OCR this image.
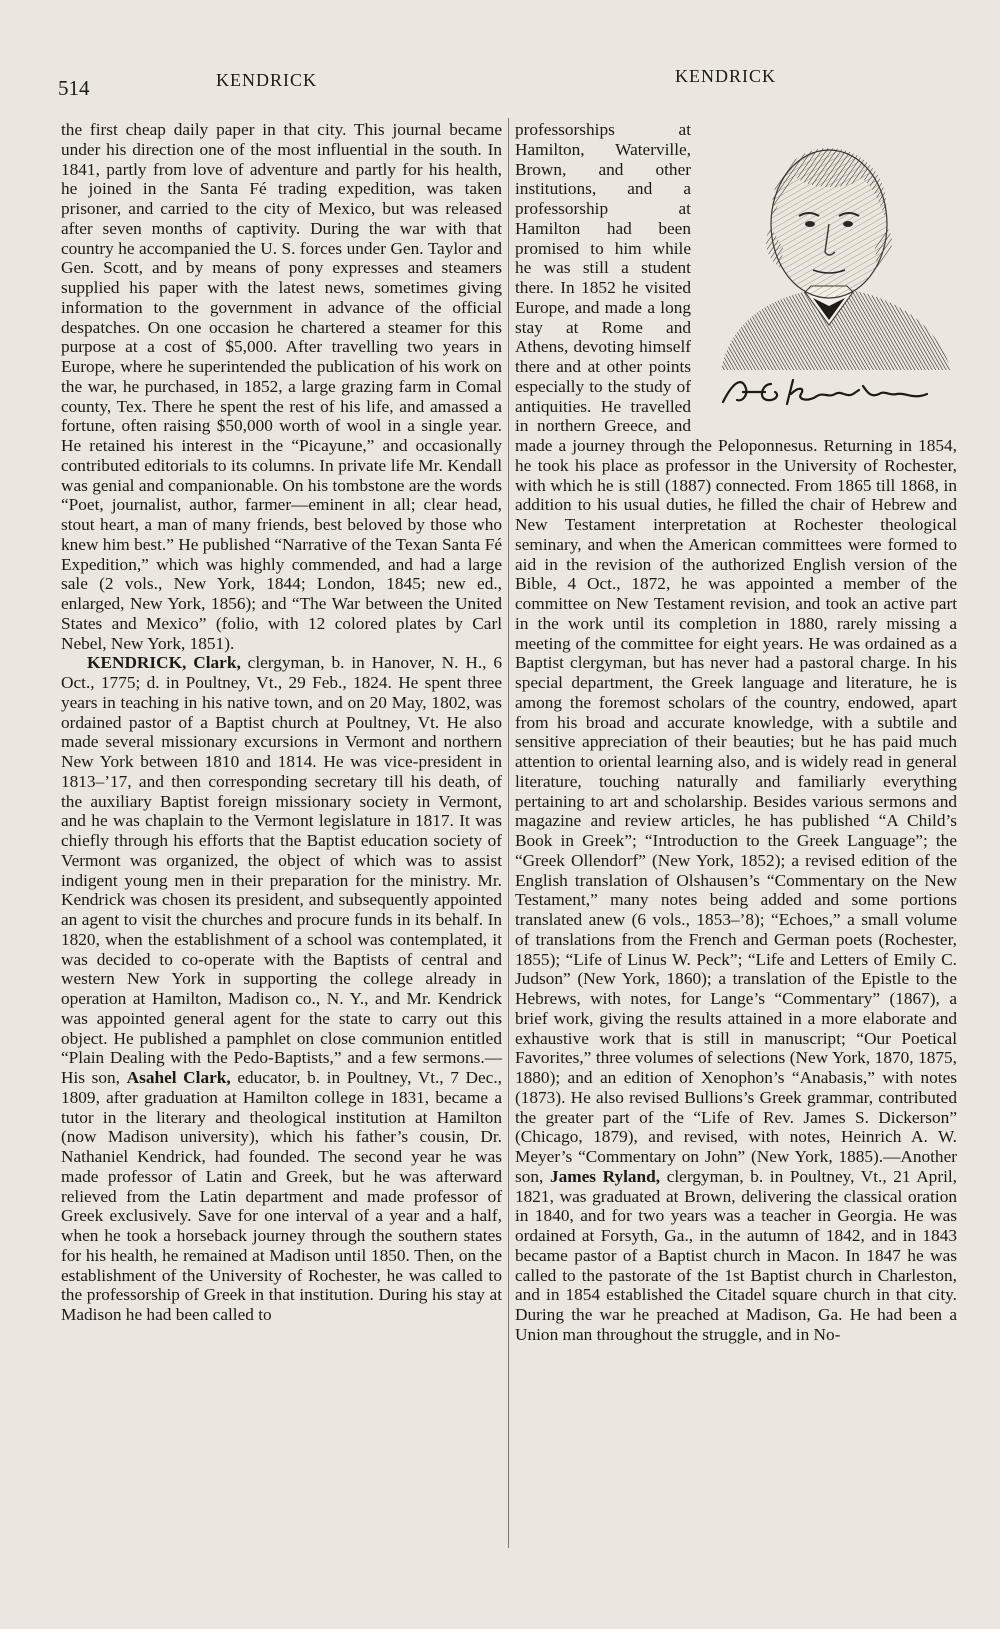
514	KENDRICK	KENDRICK

the first cheap daily paper in that city. This journal became under his direction one of the most influential in the south. In 1841, partly from love of adventure and partly for his health, he joined in the Santa Fé trading expedition, was taken prisoner, and carried to the city of Mexico, but was released after seven months of captivity. During the war with that country he accompanied the U. S. forces under Gen. Taylor and Gen. Scott, and by means of pony expresses and steamers supplied his paper with the latest news, sometimes giving information to the government in advance of the official despatches. On one occasion he chartered a steamer for this purpose at a cost of $5,000. After travelling two years in Europe, where he superintended the publication of his work on the war, he purchased, in 1852, a large grazing farm in Comal county, Tex. There he spent the rest of his life, and amassed a fortune, often raising $50,000 worth of wool in a single year. He retained his interest in the “Picayune,” and occasionally contributed editorials to its columns. In private life Mr. Kendall was genial and companionable. On his tombstone are the words “Poet, journalist, author, farmer—eminent in all; clear head, stout heart, a man of many friends, best beloved by those who knew him best.” He published “Narrative of the Texan Santa Fé Expedition,” which was highly commended, and had a large sale (2 vols., New York, 1844; London, 1845; new ed., enlarged, New York, 1856); and “The War between the United States and Mexico” (folio, with 12 colored plates by Carl Nebel, New York, 1851).

KENDRICK, Clark, clergyman, b. in Hanover, N. H., 6 Oct., 1775; d. in Poultney, Vt., 29 Feb., 1824. He spent three years in teaching in his native town, and on 20 May, 1802, was ordained pastor of a Baptist church at Poultney, Vt. He also made several missionary excursions in Vermont and northern New York between 1810 and 1814. He was vice-president in 1813–’17, and then corresponding secretary till his death, of the auxiliary Baptist foreign missionary society in Vermont, and he was chaplain to the Vermont legislature in 1817. It was chiefly through his efforts that the Baptist education society of Vermont was organized, the object of which was to assist indigent young men in their preparation for the ministry. Mr. Kendrick was chosen its president, and subsequently appointed an agent to visit the churches and procure funds in its behalf. In 1820, when the establishment of a school was contemplated, it was decided to co-operate with the Baptists of central and western New York in supporting the college already in operation at Hamilton, Madison co., N. Y., and Mr. Kendrick was appointed general agent for the state to carry out this object. He published a pamphlet on close communion entitled “Plain Dealing with the Pedo-Baptists,” and a few sermons.—His son, Asahel Clark, educator, b. in Poultney, Vt., 7 Dec., 1809, after graduation at Hamilton college in 1831, became a tutor in the literary and theological institution at Hamilton (now Madison university), which his father’s cousin, Dr. Nathaniel Kendrick, had founded. The second year he was made professor of Latin and Greek, but he was afterward relieved from the Latin department and made professor of Greek exclusively. Save for one interval of a year and a half, when he took a horseback journey through the southern states for his health, he remained at Madison until 1850. Then, on the establishment of the University of Rochester, he was called to the professorship of Greek in that institution. During his stay at Madison he had been called to

professorships at Hamilton, Waterville, Brown, and other institutions, and a professorship at Hamilton had been promised to him while he was still a student there. In 1852 he visited Europe, and made a long stay at Rome and Athens, devoting himself there and at other points especially to the study of antiquities. He travelled in northern Greece, and made a journey through the Peloponnesus. Returning in 1854, he took his place as professor in the University of Rochester, with which he is still (1887) connected. From 1865 till 1868, in addition to his usual duties, he filled the chair of Hebrew and New Testament interpretation at Rochester theological seminary, and when the American committees were formed to aid in the revision of the authorized English version of the Bible, 4 Oct., 1872, he was appointed a member of the committee on New Testament revision, and took an active part in the work until its completion in 1880, rarely missing a meeting of the committee for eight years. He was ordained as a Baptist clergyman, but has never had a pastoral charge. In his special department, the Greek language and literature, he is among the foremost scholars of the country, endowed, apart from his broad and accurate knowledge, with a subtile and sensitive appreciation of their beauties; but he has paid much attention to oriental learning also, and is widely read in general literature, touching naturally and familiarly everything pertaining to art and scholarship. Besides various sermons and magazine and review articles, he has published “A Child’s Book in Greek”; “Introduction to the Greek Language”; the “Greek Ollendorf” (New York, 1852); a revised edition of the English translation of Olshausen’s “Commentary on the New Testament,” many notes being added and some portions translated anew (6 vols., 1853–’8); “Echoes,” a small volume of translations from the French and German poets (Rochester, 1855); “Life of Linus W. Peck”; “Life and Letters of Emily C. Judson” (New York, 1860); a translation of the Epistle to the Hebrews, with notes, for Lange’s “Commentary” (1867), a brief work, giving the results attained in a more elaborate and exhaustive work that is still in manuscript; “Our Poetical Favorites,” three volumes of selections (New York, 1870, 1875, 1880); and an edition of Xenophon’s “Anabasis,” with notes (1873). He also revised Bullions’s Greek grammar, contributed the greater part of the “Life of Rev. James S. Dickerson” (Chicago, 1879), and revised, with notes, Heinrich A. W. Meyer’s “Commentary on John” (New York, 1885).—Another son, James Ryland, clergyman, b. in Poultney, Vt., 21 April, 1821, was graduated at Brown, delivering the classical oration in 1840, and for two years was a teacher in Georgia. He was ordained at Forsyth, Ga., in the autumn of 1842, and in 1843 became pastor of a Baptist church in Macon. In 1847 he was called to the pastorate of the 1st Baptist church in Charleston, and in 1854 established the Citadel square church in that city. During the war he preached at Madison, Ga. He had been a Union man throughout the struggle, and in No-
